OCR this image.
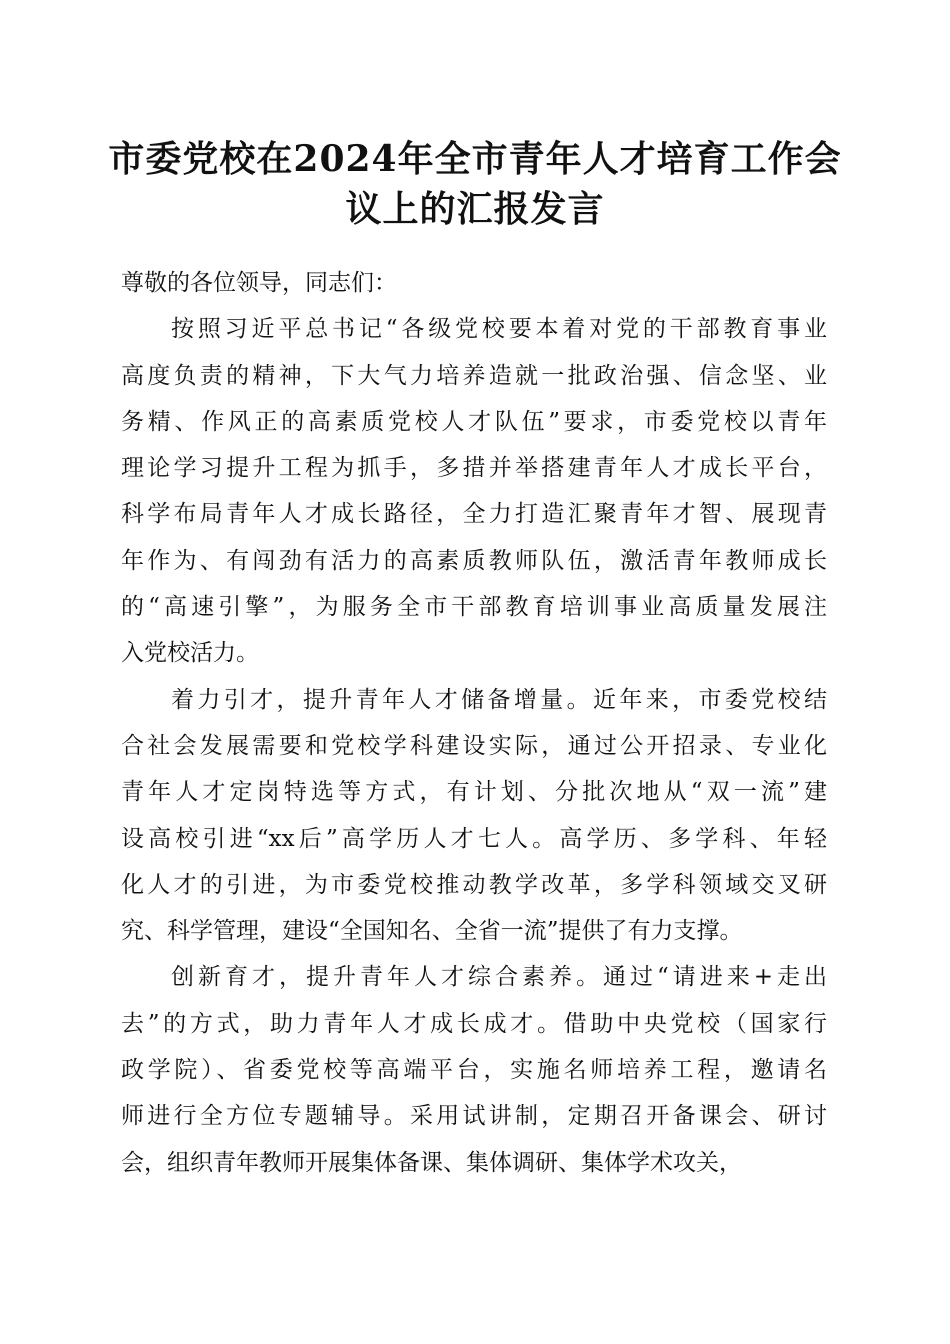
市委党校在2024年全市青年人才培育工作会
议上的汇报发言
尊敬的各位领导，同志们：
按照习近平总书记“各级党校要本着对党的干部教育事业
高度负责的精神，下大气力培养造就一批政治强、信念坚、业
务精、作风正的高素质党校人才队伍”要求，市委党校以青年
理论学习提升工程为抓手，多措并举搭建青年人才成长平台，
科学布局青年人才成长路径，全力打造汇聚青年才智、展现青
年作为、有闯劲有活力的高素质教师队伍，激活青年教师成长
的“高速引擎”，为服务全市干部教育培训事业高质量发展注
入党校活力。
着力引才，提升青年人才储备增量。近年来，市委党校结
合社会发展需要和党校学科建设实际，通过公开招录、专业化
青年人才定岗特选等方式，有计划、分批次地从“双一流”建
设高校引进“xx后”高学历人才七人。高学历、多学科、年轻
化人才的引进，为市委党校推动教学改革，多学科领域交叉研
究、科学管理，建设“全国知名、全省一流”提供了有力支撑。
创新育才，提升青年人才综合素养。通过“请进来+走出
去”的方式，助力青年人才成长成才。借助中央党校（国家行
政学院）、省委党校等高端平台，实施名师培养工程，邀请名
师进行全方位专题辅导。采用试讲制，定期召开备课会、研讨
会，组织青年教师开展集体备课、集体调研、集体学术攻关，
